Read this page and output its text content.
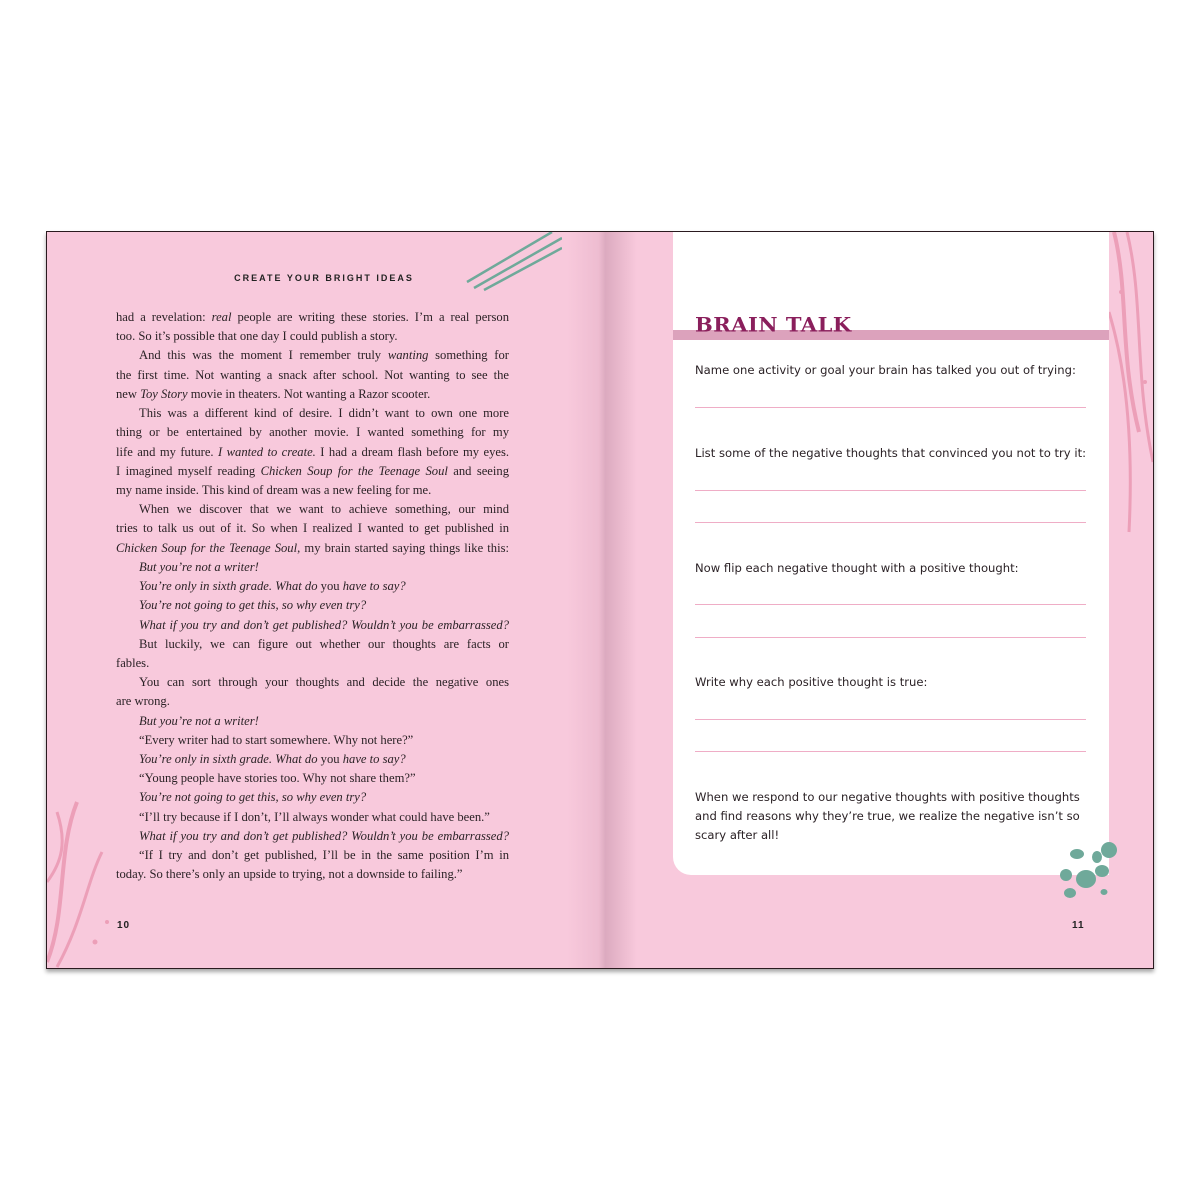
CREATE YOUR BRIGHT IDEAS
had a revelation: real people are writing these stories. I’m a real person
too. So it’s possible that one day I could publish a story.
And this was the moment I remember truly wanting something for
the first time. Not wanting a snack after school. Not wanting to see the
new Toy Story movie in theaters. Not wanting a Razor scooter.
This was a different kind of desire. I didn’t want to own one more
thing or be entertained by another movie. I wanted something for my
life and my future. I wanted to create. I had a dream flash before my eyes.
I imagined myself reading Chicken Soup for the Teenage Soul and seeing
my name inside. This kind of dream was a new feeling for me.
When we discover that we want to achieve something, our mind
tries to talk us out of it. So when I realized I wanted to get published in
Chicken Soup for the Teenage Soul, my brain started saying things like this:
But you’re not a writer!
You’re only in sixth grade. What do you have to say?
You’re not going to get this, so why even try?
What if you try and don’t get published? Wouldn’t you be embarrassed?
But luckily, we can figure out whether our thoughts are facts or
fables.
You can sort through your thoughts and decide the negative ones
are wrong.
But you’re not a writer!
“Every writer had to start somewhere. Why not here?”
You’re only in sixth grade. What do you have to say?
“Young people have stories too. Why not share them?”
You’re not going to get this, so why even try?
“I’ll try because if I don’t, I’ll always wonder what could have been.”
What if you try and don’t get published? Wouldn’t you be embarrassed?
“If I try and don’t get published, I’ll be in the same position I’m in
today. So there’s only an upside to trying, not a downside to failing.”
10
BRAIN TALK
Name one activity or goal your brain has talked you out of trying:
List some of the negative thoughts that convinced you not to try it:
Now flip each negative thought with a positive thought:
Write why each positive thought is true:
When we respond to our negative thoughts with positive thoughts and find reasons why they’re true, we realize the negative isn’t so scary after all!
11
